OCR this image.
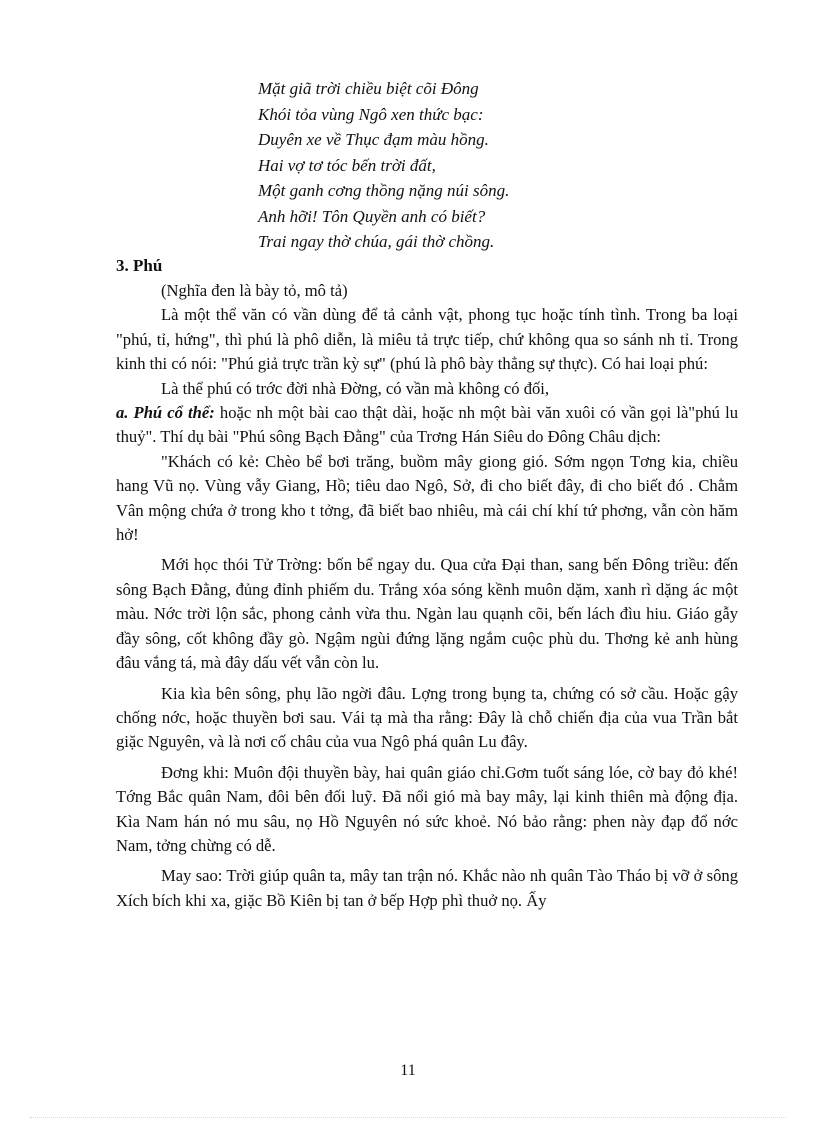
Mặt giã trời chiều biệt cõi Đông
Khói tỏa vùng Ngô xen thức bạc:
Duyên xe về Thục đạm màu hồng.
Hai vợ tơ tóc bến trời đất,
Một ganh cơng thồng nặng núi sông.
Anh hỡi! Tôn Quyền anh có biết?
Trai ngay thờ chúa, gái thờ chồng.
3. Phú

(Nghĩa đen là bày tỏ, mô tả)

Là một thể văn có vần dùng để tả cảnh vật, phong tục hoặc tính tình. Trong ba loại "phú, tỉ, hứng", thì phú là phô diễn, là miêu tả trực tiếp, chứ không qua so sánh nh tỉ. Trong kinh thi có nói: "Phú giả trực trần kỳ sự" (phú là phô bày thẳng sự thực). Có hai loại phú:

Là thể phú có trớc đời nhà Đờng, có vần mà không có đối,

a. Phú cổ thể: hoặc nh một bài cao thật dài, hoặc nh một bài văn xuôi có vần gọi là"phú lu thuỷ". Thí dụ bài "Phú sông Bạch Đằng" của Trơng Hán Siêu do Đông Châu dịch:

"Khách có kẻ: Chèo bể bơi trăng, buồm mây giong gió. Sớm ngọn Tơng kia, chiều hang Vũ nọ. Vùng vẫy Giang, Hồ; tiêu dao Ngô, Sở, đi cho biết đây, đi cho biết đó . Chằm Vân mộng chứa ở trong kho t tởng, đã biết bao nhiêu, mà cái chí khí tứ phơng, vẫn còn hăm hở!

Mới học thói Tử Trờng: bốn bể ngay du. Qua cửa Đại than, sang bến Đông triều: đến sông Bạch Đằng, đủng đỉnh phiếm du. Trắng xóa sóng kềnh muôn dặm, xanh rì dặng ác một màu. Nớc trời lộn sắc, phong cảnh vừa thu. Ngàn lau quạnh cõi, bến lách đìu hiu. Giáo gẫy đầy sông, cốt không đầy gò. Ngậm ngùi đứng lặng ngắm cuộc phù du. Thơng kẻ anh hùng đâu vắng tá, mà đây dấu vết vẫn còn lu.

Kia kìa bên sông, phụ lão ngời đâu. Lợng trong bụng ta, chứng có sở cầu. Hoặc gậy chống nớc, hoặc thuyền bơi sau. Vái tạ mà tha rằng: Đây là chỗ chiến địa của vua Trần bắt giặc Nguyên, và là nơi cố châu của vua Ngô phá quân Lu đây.

Đơng khi: Muôn đội thuyền bày, hai quân giáo chỉ.Gơm tuốt sáng lóe, cờ bay đỏ khé! Tớng Bắc quân Nam, đôi bên đối luỹ. Đã nổi gió mà bay mây, lại kinh thiên mà động địa. Kìa Nam hán nó mu sâu, nọ Hồ Nguyên nó sức khoẻ. Nó bảo rằng: phen này đạp đổ nớc Nam, tởng chừng có dễ.

May sao: Trời giúp quân ta, mây tan trận nó. Khắc nào nh quân Tào Tháo bị vỡ ở sông Xích bích khi xa, giặc Bồ Kiên bị tan ở bếp Hợp phì thuở nọ. Ấy

11
